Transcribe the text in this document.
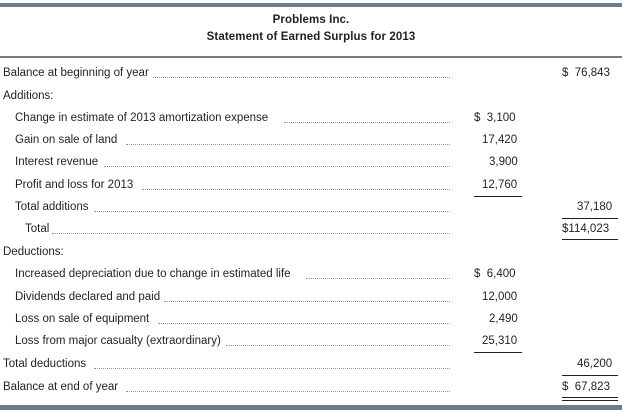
Problems Inc.
Statement of Earned Surplus for 2013
Balance at beginning of year	$  76,843
Additions:
Change in estimate of 2013 amortization expense	$  3,100
Gain on sale of land	17,420
Interest revenue	3,900
Profit and loss for 2013	12,760
Total additions	37,180
Total	$114,023
Deductions:
Increased depreciation due to change in estimated life	$  6,400
Dividends declared and paid	12,000
Loss on sale of equipment	2,490
Loss from major casualty (extraordinary)	25,310
Total deductions	46,200
Balance at end of year	$  67,823
